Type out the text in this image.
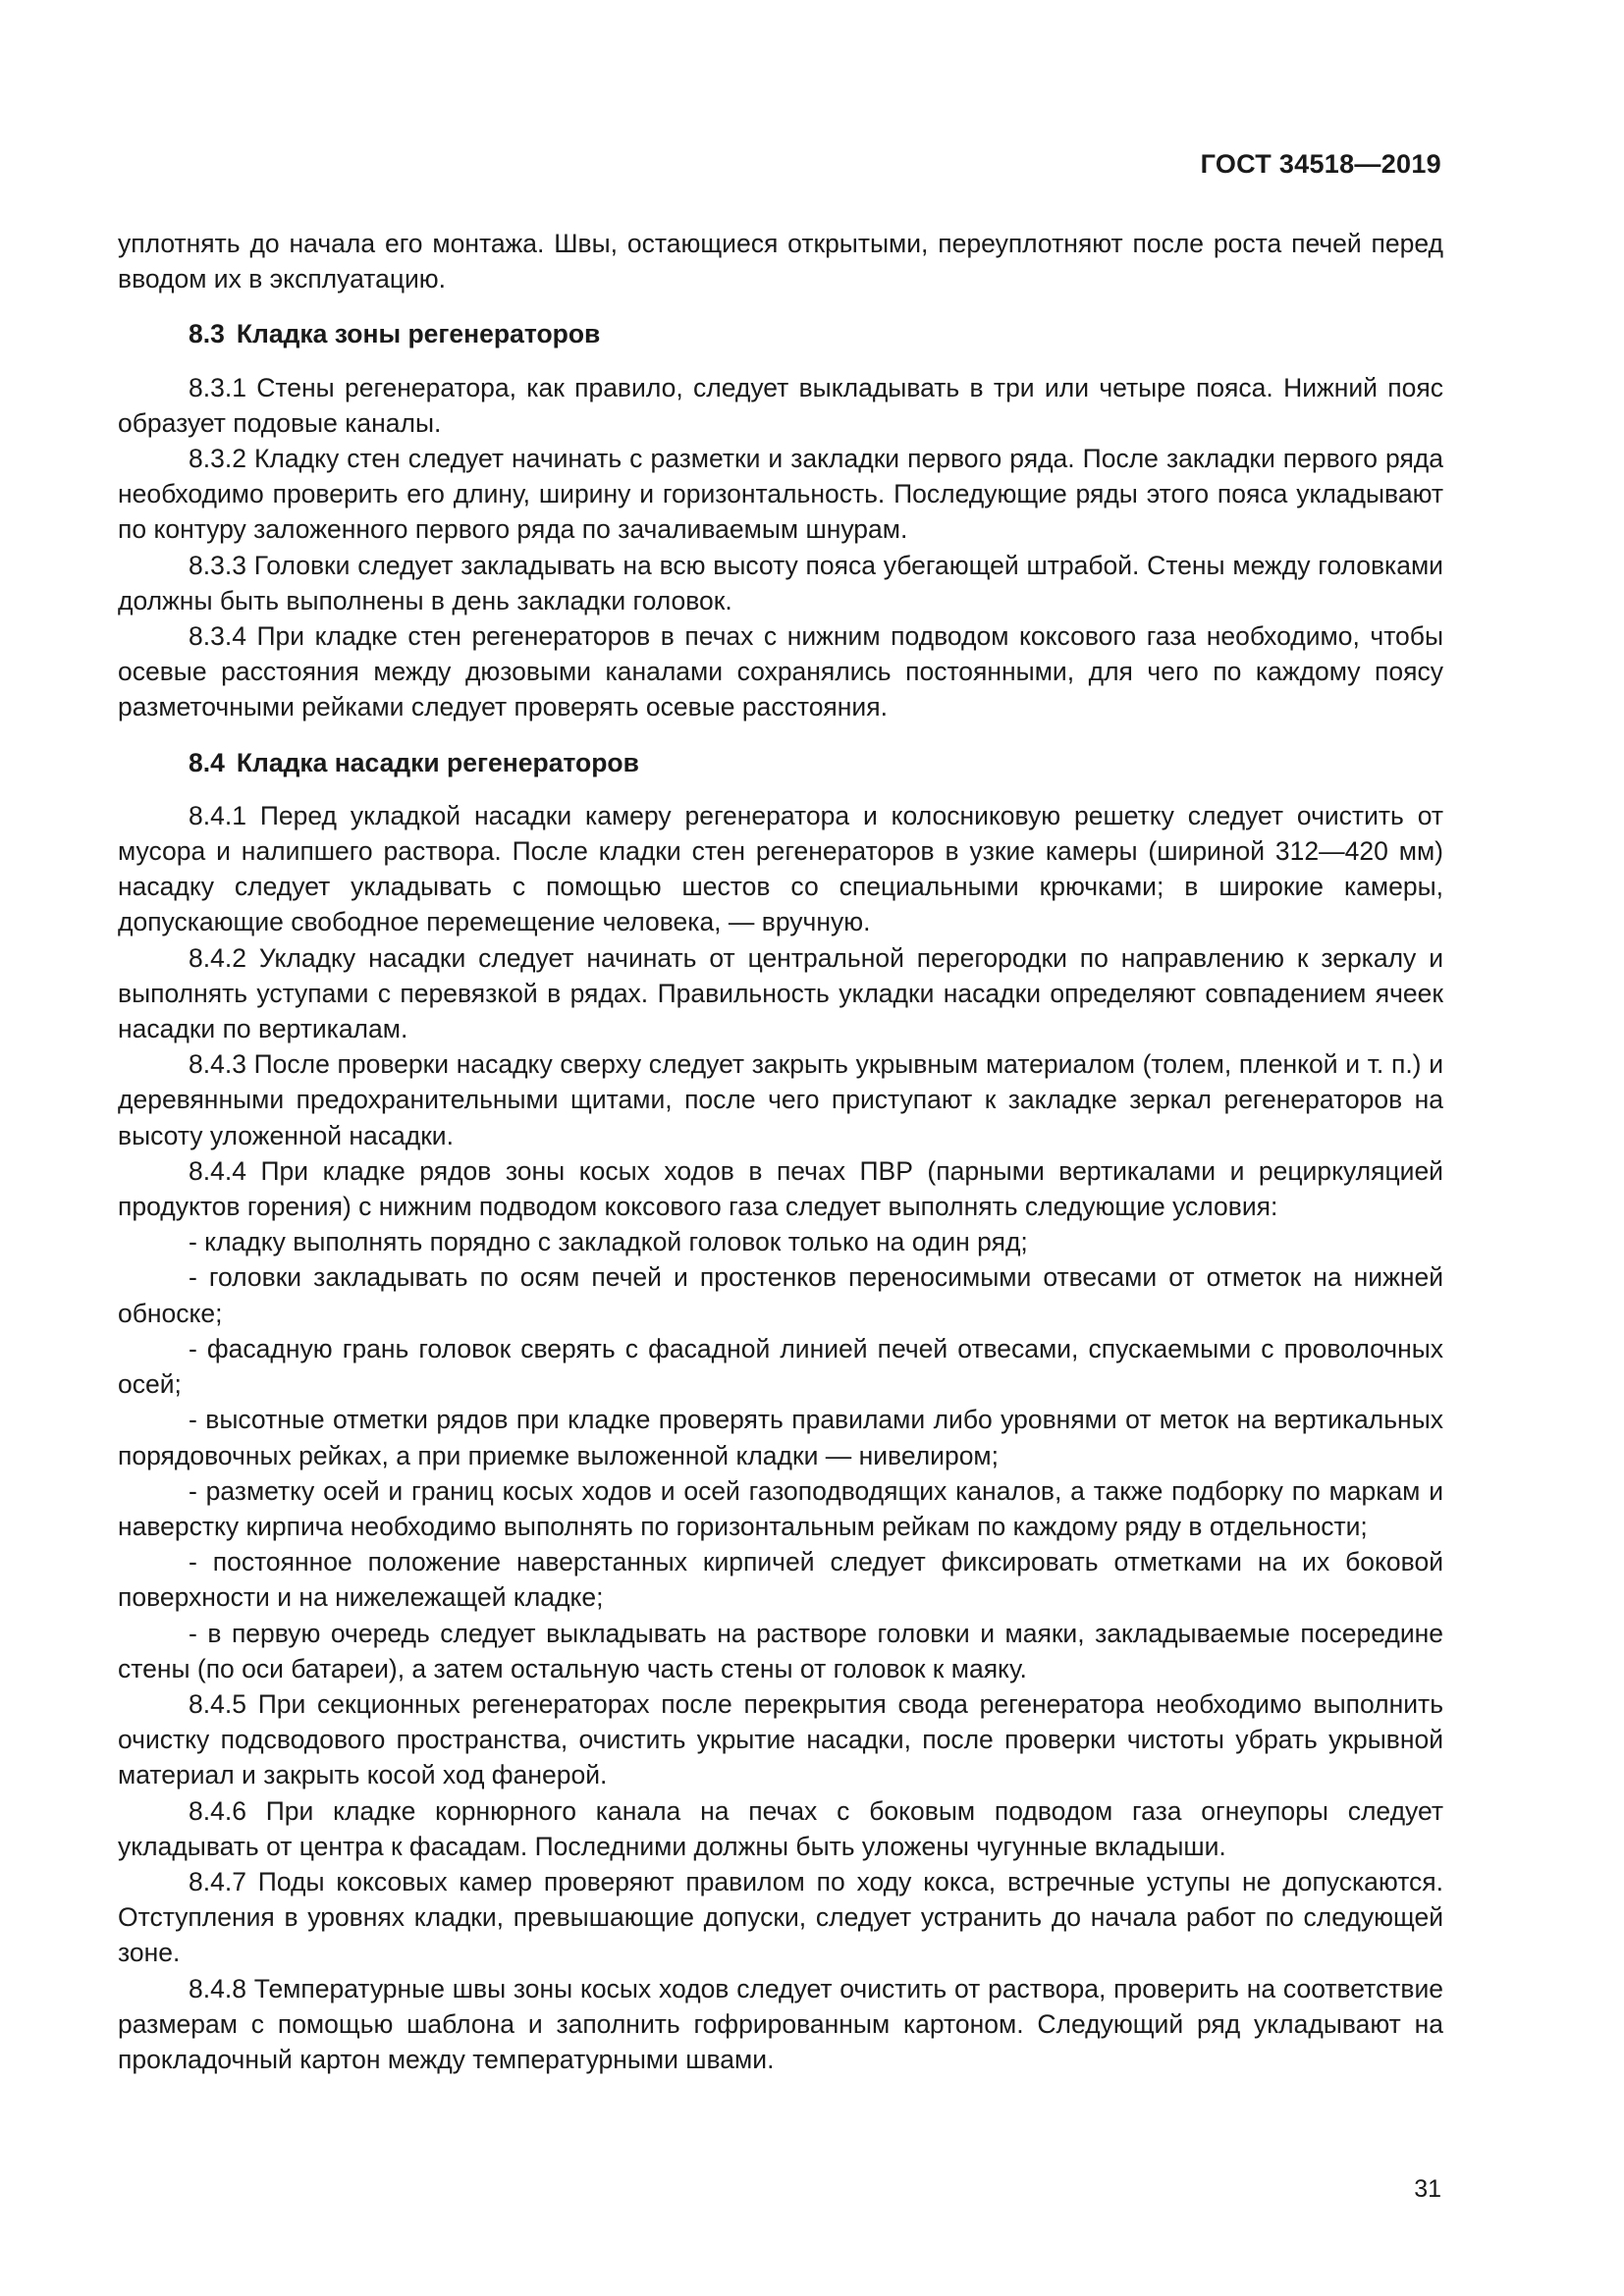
ГОСТ 34518—2019

уплотнять до начала его монтажа. Швы, остающиеся открытыми, переуплотняют после роста печей перед вводом их в эксплуатацию.

8.3 Кладка зоны регенераторов

8.3.1 Стены регенератора, как правило, следует выкладывать в три или четыре пояса. Нижний пояс образует подовые каналы.

8.3.2 Кладку стен следует начинать с разметки и закладки первого ряда. После закладки первого ряда необходимо проверить его длину, ширину и горизонтальность. Последующие ряды этого пояса укладывают по контуру заложенного первого ряда по зачаливаемым шнурам.

8.3.3 Головки следует закладывать на всю высоту пояса убегающей штрабой. Стены между головками должны быть выполнены в день закладки головок.

8.3.4 При кладке стен регенераторов в печах с нижним подводом коксового газа необходимо, чтобы осевые расстояния между дюзовыми каналами сохранялись постоянными, для чего по каждому поясу разметочными рейками следует проверять осевые расстояния.

8.4 Кладка насадки регенераторов

8.4.1 Перед укладкой насадки камеру регенератора и колосниковую решетку следует очистить от мусора и налипшего раствора. После кладки стен регенераторов в узкие камеры (шириной 312—420 мм) насадку следует укладывать с помощью шестов со специальными крючками; в широкие камеры, допускающие свободное перемещение человека, — вручную.

8.4.2 Укладку насадки следует начинать от центральной перегородки по направлению к зеркалу и выполнять уступами с перевязкой в рядах. Правильность укладки насадки определяют совпадением ячеек насадки по вертикалам.

8.4.3 После проверки насадку сверху следует закрыть укрывным материалом (толем, пленкой и т. п.) и деревянными предохранительными щитами, после чего приступают к закладке зеркал регенераторов на высоту уложенной насадки.

8.4.4 При кладке рядов зоны косых ходов в печах ПВР (парными вертикалами и рециркуляцией продуктов горения) с нижним подводом коксового газа следует выполнять следующие условия:

- кладку выполнять порядно с закладкой головок только на один ряд;

- головки закладывать по осям печей и простенков переносимыми отвесами от отметок на нижней обноске;

- фасадную грань головок сверять с фасадной линией печей отвесами, спускаемыми с проволочных осей;

- высотные отметки рядов при кладке проверять правилами либо уровнями от меток на вертикальных порядовочных рейках, а при приемке выложенной кладки — нивелиром;

- разметку осей и границ косых ходов и осей газоподводящих каналов, а также подборку по маркам и наверстку кирпича необходимо выполнять по горизонтальным рейкам по каждому ряду в отдельности;

- постоянное положение наверстанных кирпичей следует фиксировать отметками на их боковой поверхности и на нижележащей кладке;

- в первую очередь следует выкладывать на растворе головки и маяки, закладываемые посередине стены (по оси батареи), а затем остальную часть стены от головок к маяку.

8.4.5 При секционных регенераторах после перекрытия свода регенератора необходимо выполнить очистку подсводового пространства, очистить укрытие насадки, после проверки чистоты убрать укрывной материал и закрыть косой ход фанерой.

8.4.6 При кладке корнюрного канала на печах с боковым подводом газа огнеупоры следует укладывать от центра к фасадам. Последними должны быть уложены чугунные вкладыши.

8.4.7 Поды коксовых камер проверяют правилом по ходу кокса, встречные уступы не допускаются. Отступления в уровнях кладки, превышающие допуски, следует устранить до начала работ по следующей зоне.

8.4.8 Температурные швы зоны косых ходов следует очистить от раствора, проверить на соответствие размерам с помощью шаблона и заполнить гофрированным картоном. Следующий ряд укладывают на прокладочный картон между температурными швами.

31
